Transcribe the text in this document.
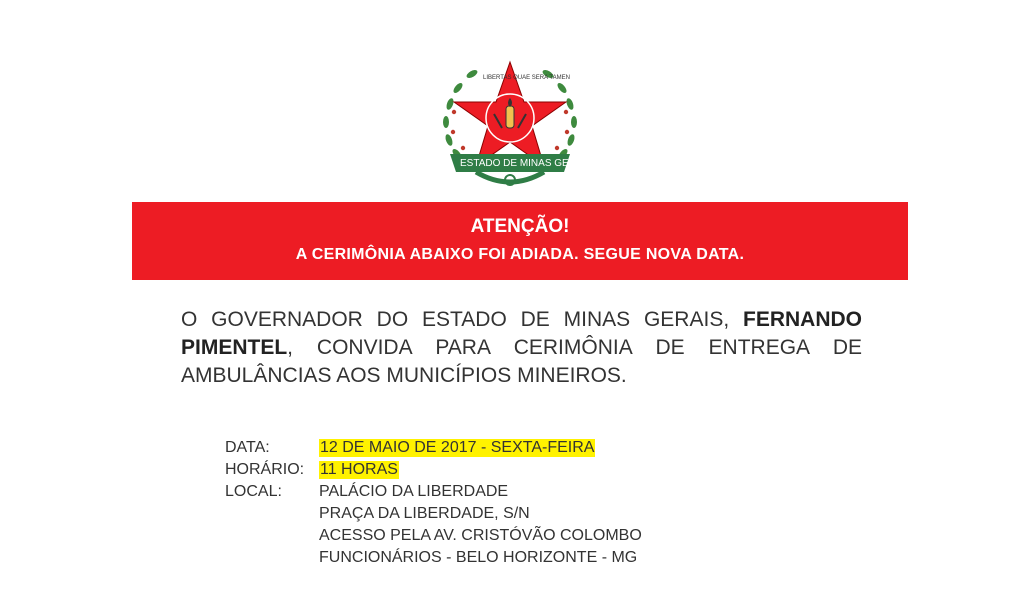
LIBERTAS QUAE SERA TAMEN
ESTADO DE MINAS GERAIS
ATENÇÃO!
A CERIMÔNIA ABAIXO FOI ADIADA. SEGUE NOVA DATA.
O GOVERNADOR DO ESTADO DE MINAS GERAIS, FERNANDO PIMENTEL, CONVIDA PARA CERIMÔNIA DE ENTREGA DE AMBULÂNCIAS AOS MUNICÍPIOS MINEIROS.
DATA:	12 DE MAIO DE 2017 - SEXTA-FEIRA
HORÁRIO: 11 HORAS
LOCAL:	PALÁCIO DA LIBERDADE
PRAÇA DA LIBERDADE, S/N
ACESSO PELA AV. CRISTÓVÃO COLOMBO
FUNCIONÁRIOS - BELO HORIZONTE - MG
